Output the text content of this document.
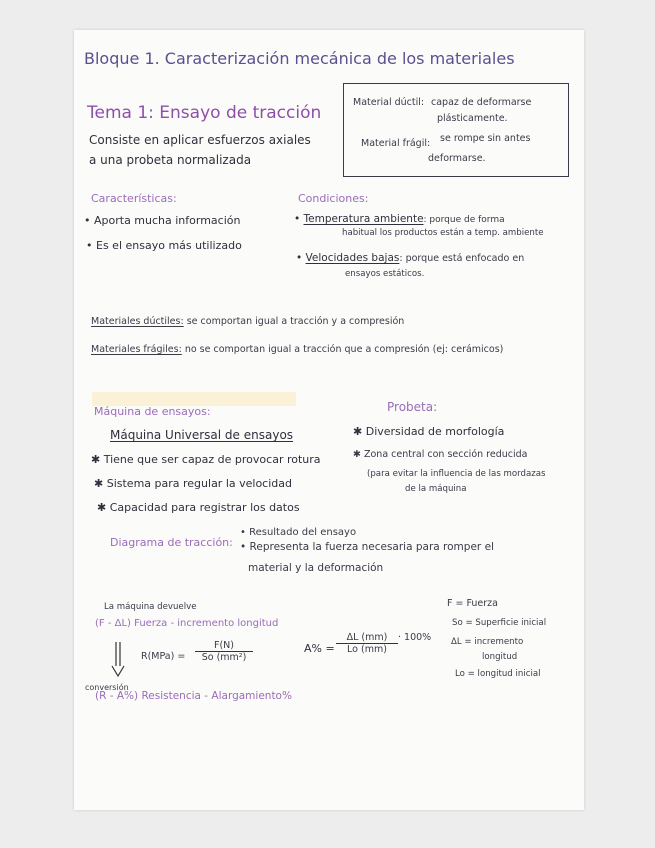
Bloque 1. Caracterización mecánica de los materiales
Tema 1: Ensayo de tracción
Consiste en aplicar esfuerzos axiales
a una probeta normalizada
Material dúctil: capaz de deformarse
plásticamente.
Material frágil: se rompe sin antes
deformarse.
Características:
• Aporta mucha información
• Es el ensayo más utilizado
Condiciones:
• Temperatura ambiente: porque de forma
habitual los productos están a temp. ambiente
• Velocidades bajas: porque está enfocado en
ensayos estáticos.
Materiales dúctiles: se comportan igual a tracción y a compresión
Materiales frágiles: no se comportan igual a tracción que a compresión (ej: cerámicos)
Máquina de ensayos:
Máquina Universal de ensayos
✱ Tiene que ser capaz de provocar rotura
✱ Sistema para regular la velocidad
✱ Capacidad para registrar los datos
Probeta:
✱ Diversidad de morfología
✱ Zona central con sección reducida
(para evitar la influencia de las mordazas
de la máquina
Diagrama de tracción:
• Resultado del ensayo
• Representa la fuerza necesaria para romper el
material y la deformación
La máquina devuelve
(F - ΔL) Fuerza - incremento longitud
$R(MPa) = \frac{F(N)}{\text{So (mm²)}}$	$A\% = \frac{\Delta L (mm)}{Lo (mm)} \cdot 100\%$
conversión
(R - A%) Resistencia - Alargamiento%
F = Fuerza
So = Superficie inicial
ΔL = incremento
longitud
Lo = longitud inicial
